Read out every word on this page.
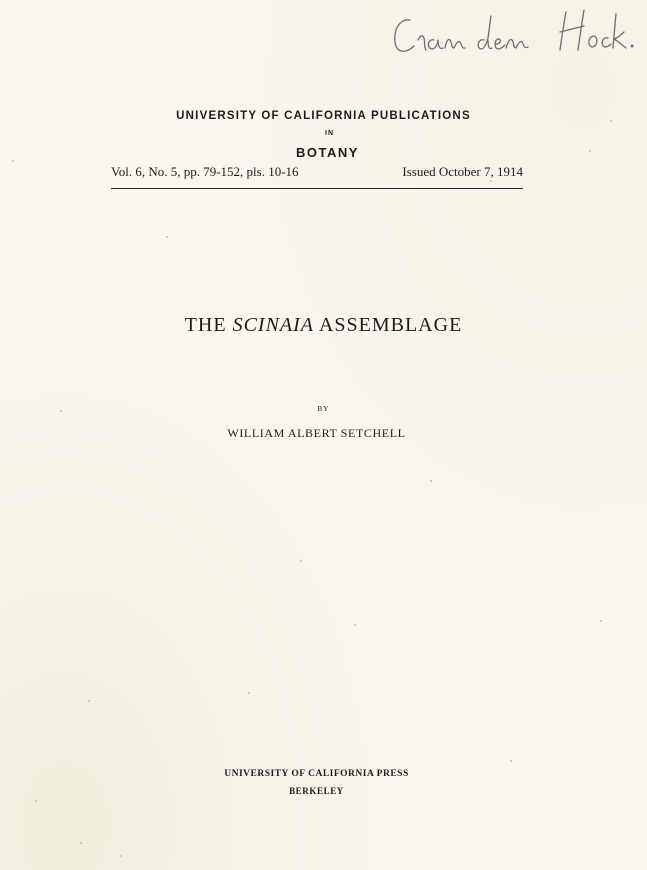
UNIVERSITY OF CALIFORNIA PUBLICATIONS
IN
BOTANY
Vol. 6, No. 5, pp. 79-152, pls. 10-16	Issued October 7, 1914
THE SCINAIA ASSEMBLAGE
BY
WILLIAM ALBERT SETCHELL
UNIVERSITY OF CALIFORNIA PRESS
BERKELEY
